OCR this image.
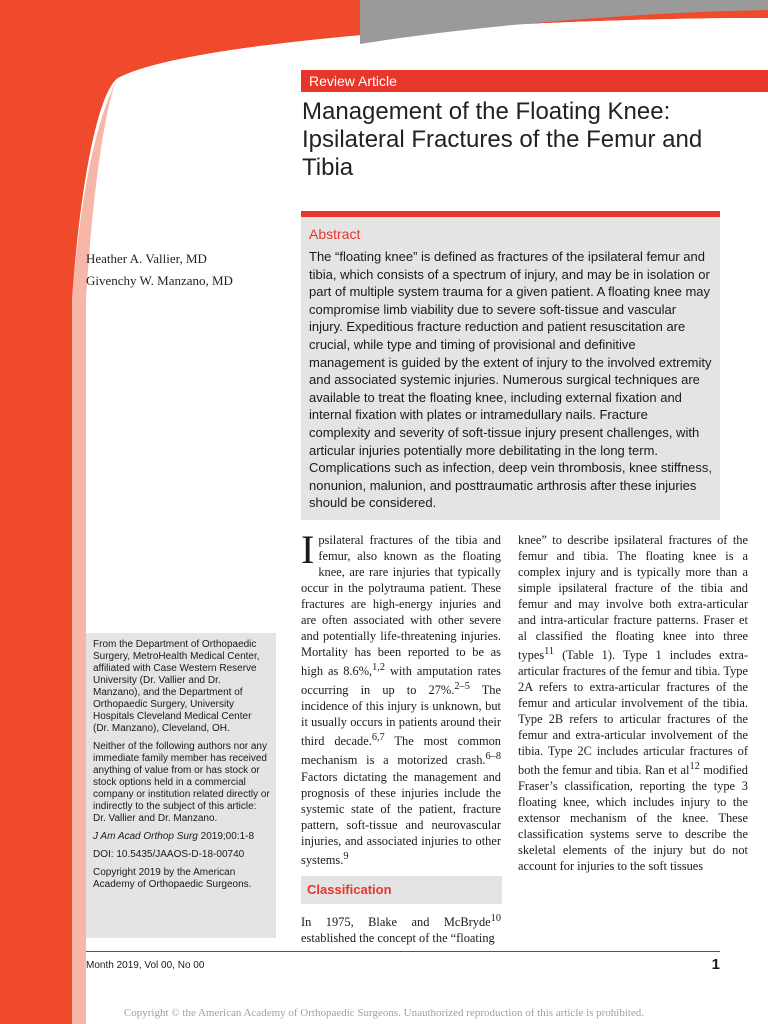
Review Article
Management of the Floating Knee: Ipsilateral Fractures of the Femur and Tibia
Abstract

The “floating knee” is defined as fractures of the ipsilateral femur and tibia, which consists of a spectrum of injury, and may be in isolation or part of multiple system trauma for a given patient. A floating knee may compromise limb viability due to severe soft-tissue and vascular injury. Expeditious fracture reduction and patient resuscitation are crucial, while type and timing of provisional and definitive management is guided by the extent of injury to the involved extremity and associated systemic injuries. Numerous surgical techniques are available to treat the floating knee, including external fixation and internal fixation with plates or intramedullary nails. Fracture complexity and severity of soft-tissue injury present challenges, with articular injuries potentially more debilitating in the long term. Complications such as infection, deep vein thrombosis, knee stiffness, nonunion, malunion, and posttraumatic arthrosis after these injuries should be considered.

Heather A. Vallier, MD
Givenchy W. Manzano, MD

From the Department of Orthopaedic Surgery, MetroHealth Medical Center, affiliated with Case Western Reserve University (Dr. Vallier and Dr. Manzano), and the Department of Orthopaedic Surgery, University Hospitals Cleveland Medical Center (Dr. Manzano), Cleveland, OH.

Neither of the following authors nor any immediate family member has received anything of value from or has stock or stock options held in a commercial company or institution related directly or indirectly to the subject of this article: Dr. Vallier and Dr. Manzano.

J Am Acad Orthop Surg 2019;00:1-8

DOI: 10.5435/JAAOS-D-18-00740

Copyright 2019 by the American Academy of Orthopaedic Surgeons.

Ipsilateral fractures of the tibia and femur, also known as the floating knee, are rare injuries that typically occur in the polytrauma patient. These fractures are high-energy injuries and are often associated with other severe and potentially life-threatening injuries. Mortality has been reported to be as high as 8.6%,$^{1,2}$ with amputation rates occurring in up to 27%.$^{2-5}$ The incidence of this injury is unknown, but it usually occurs in patients around their third decade.$^{6,7}$ The most common mechanism is a motorized crash.$^{6-8}$ Factors dictating the management and prognosis of these injuries include the systemic state of the patient, fracture pattern, soft-tissue and neurovascular injuries, and associated injuries to other systems.$^9$

Classification

In 1975, Blake and McBryde$^{10}$ established the concept of the “floating

knee” to describe ipsilateral fractures of the femur and tibia. The floating knee is a complex injury and is typically more than a simple ipsilateral fracture of the tibia and femur and may involve both extra-articular and intra-articular fracture patterns. Fraser et al classified the floating knee into three types$^{11}$ (Table 1). Type 1 includes extra-articular fractures of the femur and tibia. Type 2A refers to extra-articular fractures of the femur and articular involvement of the tibia. Type 2B refers to articular fractures of the femur and extra-articular involvement of the tibia. Type 2C includes articular fractures of both the femur and tibia. Ran et $al^{12}$ modified Fraser’s classification, reporting the type 3 floating knee, which includes injury to the extensor mechanism of the knee. These classification systems serve to describe the skeletal elements of the injury but do not account for injuries to the soft tissues

Month 2019, Vol 00, No 00	1
Copyright © the American Academy of Orthopaedic Surgeons. Unauthorized reproduction of this article is prohibited.
